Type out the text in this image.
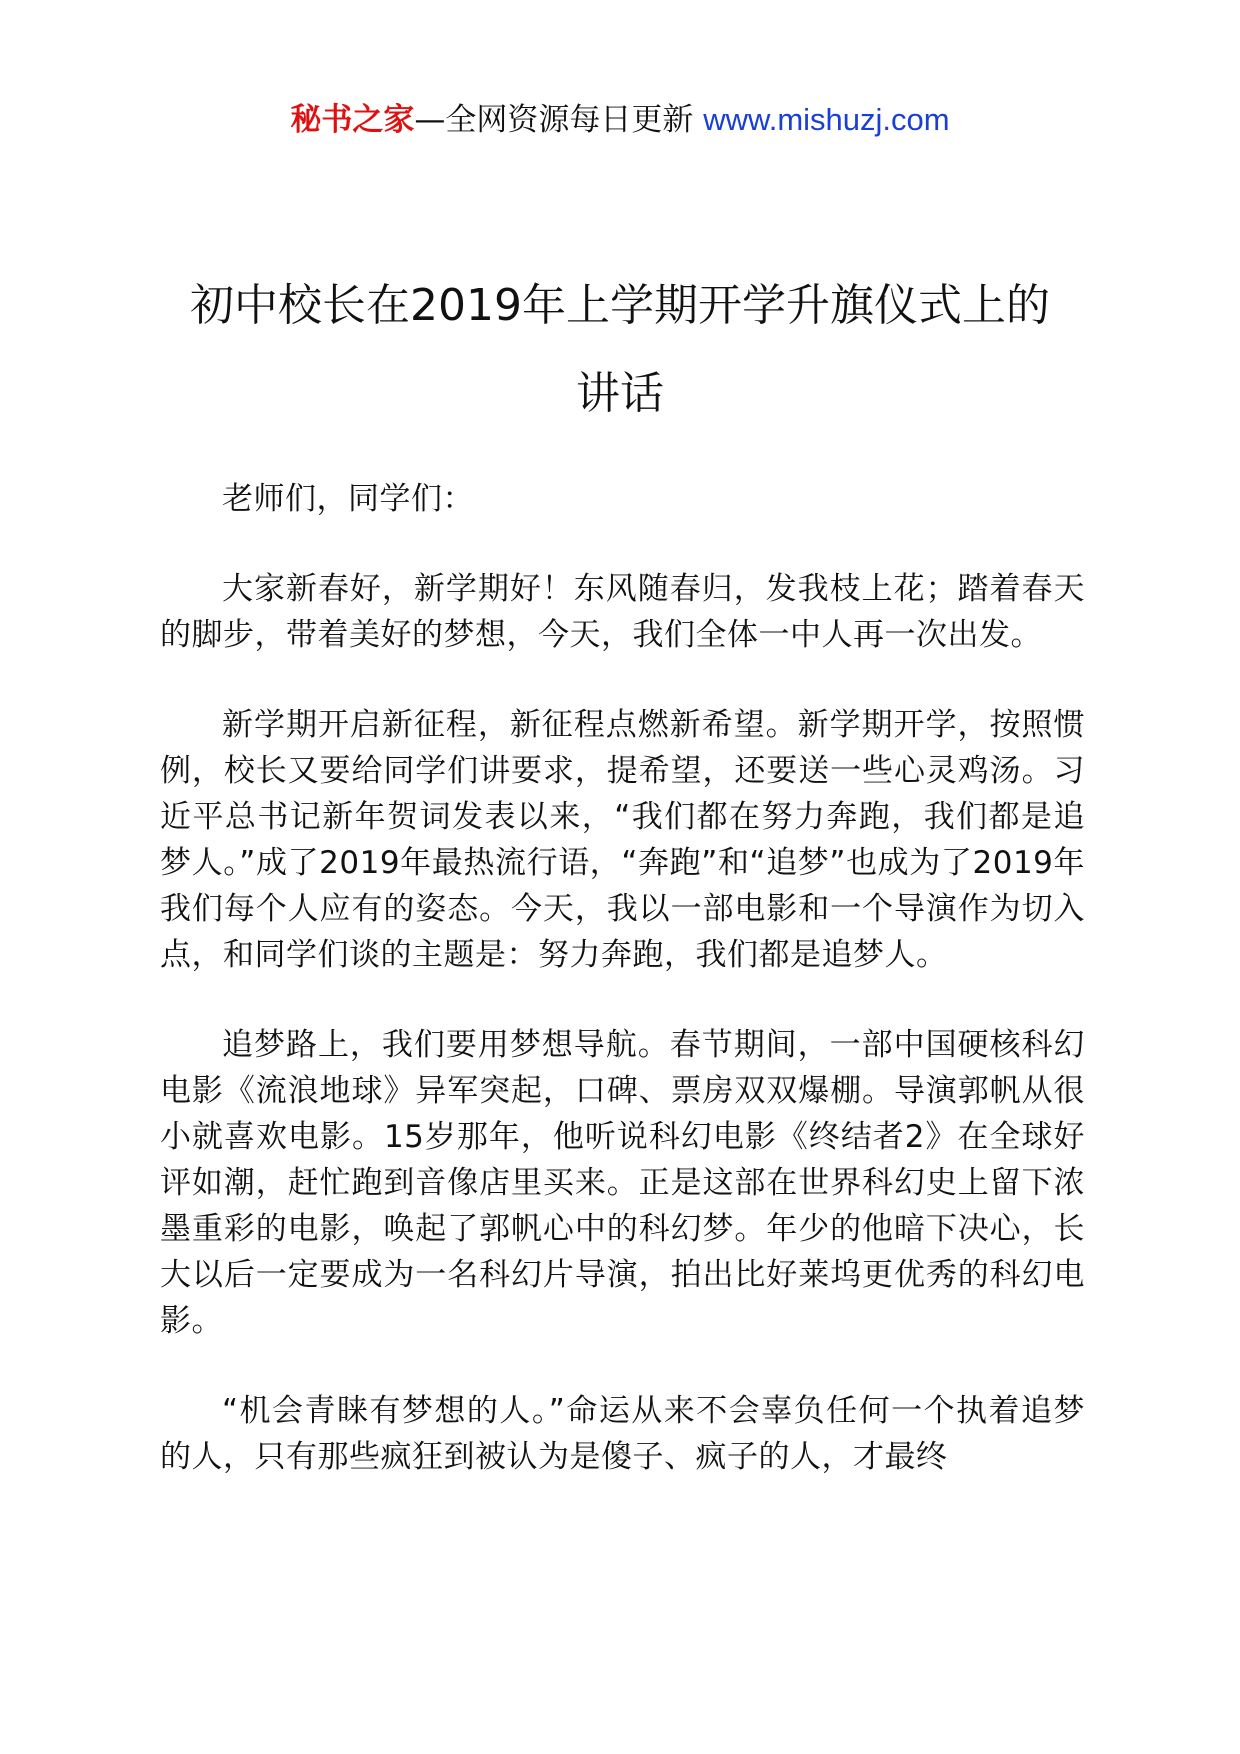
秘书之家—全网资源每日更新 www.mishuzj.com
初中校长在2019年上学期开学升旗仪式上的
讲话

老师们，同学们：

大家新春好，新学期好！东风随春归，发我枝上花；踏着春天的脚步，带着美好的梦想，今天，我们全体一中人再一次出发。

新学期开启新征程，新征程点燃新希望。新学期开学，按照惯例，校长又要给同学们讲要求，提希望，还要送一些心灵鸡汤。习近平总书记新年贺词发表以来，“我们都在努力奔跑，我们都是追梦人。”成了2019年最热流行语，“奔跑”和“追梦”也成为了2019年我们每个人应有的姿态。今天，我以一部电影和一个导演作为切入点，和同学们谈的主题是：努力奔跑，我们都是追梦人。

追梦路上，我们要用梦想导航。春节期间，一部中国硬核科幻电影《流浪地球》异军突起，口碑、票房双双爆棚。导演郭帆从很小就喜欢电影。15岁那年，他听说科幻电影《终结者2》在全球好评如潮，赶忙跑到音像店里买来。正是这部在世界科幻史上留下浓墨重彩的电影，唤起了郭帆心中的科幻梦。年少的他暗下决心，长大以后一定要成为一名科幻片导演，拍出比好莱坞更优秀的科幻电影。

“机会青睐有梦想的人。”命运从来不会辜负任何一个执着追梦的人，只有那些疯狂到被认为是傻子、疯子的人，才最终
